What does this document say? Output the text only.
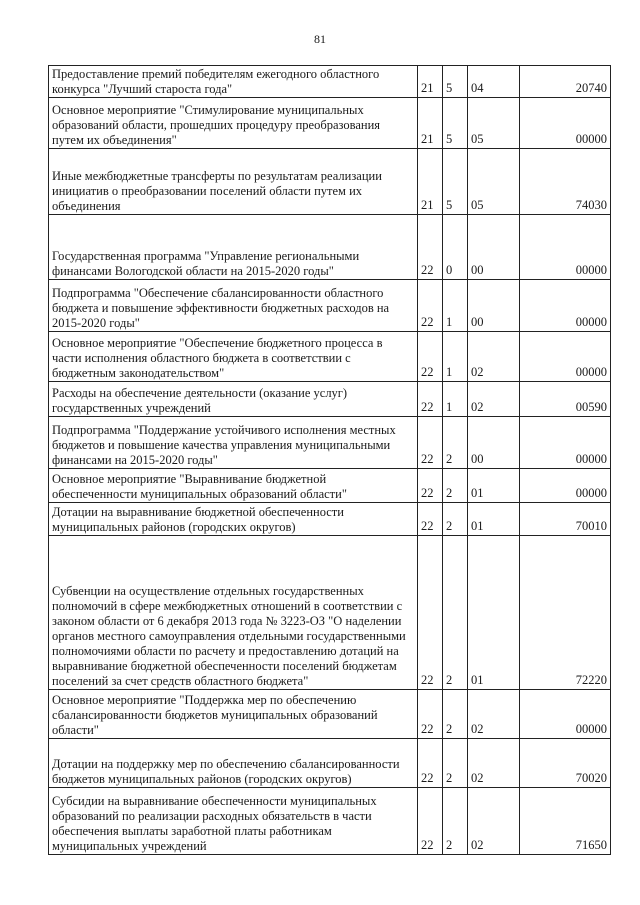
81
Предоставление премий победителям ежегодного областного конкурса "Лучший староста года"	21	5	04	20740

Основное мероприятие "Стимулирование муниципальных образований области, прошедших процедуру преобразования путем их объединения"	21	5	05	00000

Иные межбюджетные трансферты по результатам реализации инициатив о преобразовании поселений области путем их объединения	21	5	05	74030

Государственная программа "Управление региональными финансами Вологодской области на 2015-2020 годы"	22	0	00	00000

Подпрограмма "Обеспечение сбалансированности областного бюджета и повышение эффективности бюджетных расходов на 2015-2020 годы"	22	1	00	00000

Основное мероприятие "Обеспечение бюджетного процесса в части исполнения областного бюджета в соответствии с бюджетным законодательством"	22	1	02	00000

Расходы на обеспечение деятельности (оказание услуг) государственных учреждений	22	1	02	00590

Подпрограмма "Поддержание устойчивого исполнения местных бюджетов и повышение качества управления муниципальными финансами на 2015-2020 годы"	22	2	00	00000

Основное мероприятие "Выравнивание бюджетной обеспеченности муниципальных образований области"	22	2	01	00000

Дотации на выравнивание бюджетной обеспеченности муниципальных районов (городских округов)	22	2	01	70010

Субвенции на осуществление отдельных государственных полномочий в сфере межбюджетных отношений в соответствии с законом области от 6 декабря 2013 года № 3223-ОЗ "О наделении органов местного самоуправления отдельными государственными полномочиями области по расчету и предоставлению дотаций на выравнивание бюджетной обеспеченности поселений бюджетам поселений за счет средств областного бюджета"	22	2	01	72220

Основное мероприятие "Поддержка мер по обеспечению сбалансированности бюджетов муниципальных образований области"	22	2	02	00000

Дотации на поддержку мер по обеспечению сбалансированности бюджетов муниципальных районов (городских округов)	22	2	02	70020

Субсидии на выравнивание обеспеченности муниципальных образований по реализации расходных обязательств в части обеспечения выплаты заработной платы работникам муниципальных учреждений	22	2	02	71650
